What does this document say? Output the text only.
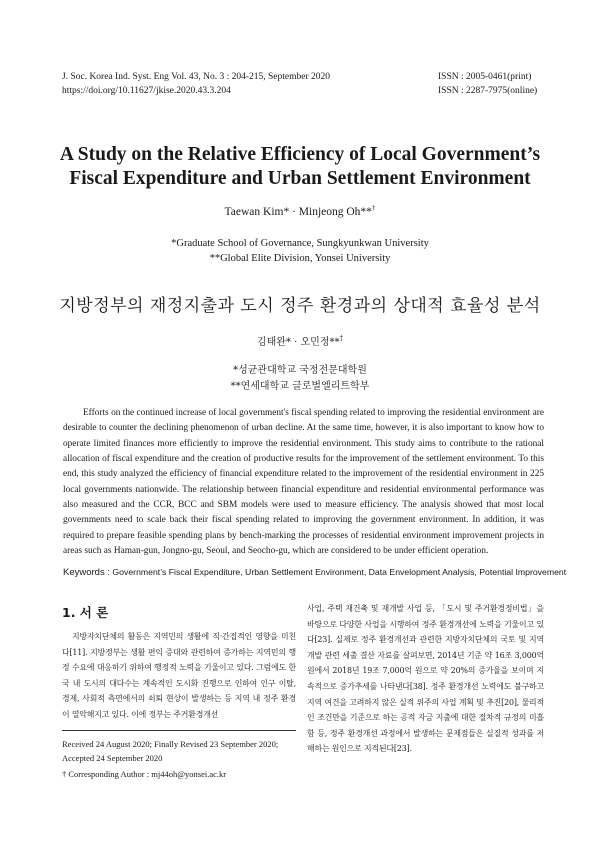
J. Soc. Korea Ind. Syst. Eng Vol. 43, No. 3 : 204-215, September 2020
https://doi.org/10.11627/jkise.2020.43.3.204
ISSN : 2005-0461(print)
ISSN : 2287-7975(online)
A Study on the Relative Efficiency of Local Government’s
Fiscal Expenditure and Urban Settlement Environment
Taewan Kim* · Minjeong Oh**†
*Graduate School of Governance, Sungkyunkwan University
**Global Elite Division, Yonsei University
지방정부의 재정지출과 도시 정주 환경과의 상대적 효율성 분석
김태완* · 오민정**†
*성균관대학교 국정전문대학원
**연세대학교 글로벌엘리트학부

Efforts on the continued increase of local government's fiscal spending related to improving the residential environment are desirable to counter the declining phenomenon of urban decline. At the same time, however, it is also important to know how to operate limited finances more efficiently to improve the residential environment. This study aims to contribute to the rational allocation of fiscal expenditure and the creation of productive results for the improvement of the settlement environment. To this end, this study analyzed the efficiency of financial expenditure related to the improvement of the residential environment in 225 local governments nationwide. The relationship between financial expenditure and residential environmental performance was also measured and the CCR, BCC and SBM models were used to measure efficiency. The analysis showed that most local governments need to scale back their fiscal spending related to improving the government environment. In addition, it was required to prepare feasible spending plans by bench-marking the processes of residential environment improvement projects in areas such as Haman-gun, Jongno-gu, Seoul, and Seocho-gu, which are considered to be under efficient operation.

Keywords : Government’s Fiscal Expenditure, Urban Settlement Environment, Data Envelopment Analysis, Potential Improvement
1. 서 론

지방자치단체의 활동은 지역민의 생활에 직·간접적인 영향을 미친다[11]. 지방정부는 생활 편익 증대와 관련하여 증가하는 지역민의 행정 수요에 대응하기 위하여 행정적 노력을 기울이고 있다. 그럼에도 한국 내 도시의 대다수는 계속적인 도시화 진행으로 인하여 인구 이탈, 경제, 사회적 측면에서의 쇠퇴 현상이 발생하는 등 지역 내 정주 환경이 열악해지고 있다. 이에 정부는 주거환경개선

사업, 주택 재건축 및 재개발 사업 등, 「도시 및 주거환경정비법」을 바탕으로 다양한 사업을 시행하여 정주 환경개선에 노력을 기울이고 있다[23]. 실제로 정주 환경개선과 관련한 지방자치단체의 국토 및 지역 개발 관련 세출 결산 자료를 살펴보면, 2014년 기준 약 16조 3,000억 원에서 2018년 19조 7,000억 원으로 약 20%의 증가율을 보이며 지속적으로 증가추세를 나타낸다[38]. 정주 환경개선 노력에도 불구하고 지역 여건을 고려하지 않은 실적 위주의 사업 계획 및 추진[20], 물리적인 조건만을 기준으로 하는 공적 자금 지출에 대한 절차적 규정의 미흡함 등, 정주 환경개선 과정에서 발생하는 문제점들은 실질적 성과를 저해하는 원인으로 지적된다[23].

Received 24 August 2020; Finally Revised 23 September 2020;
Accepted 24 September 2020
† Corresponding Author : mj44oh@yonsei.ac.kr
